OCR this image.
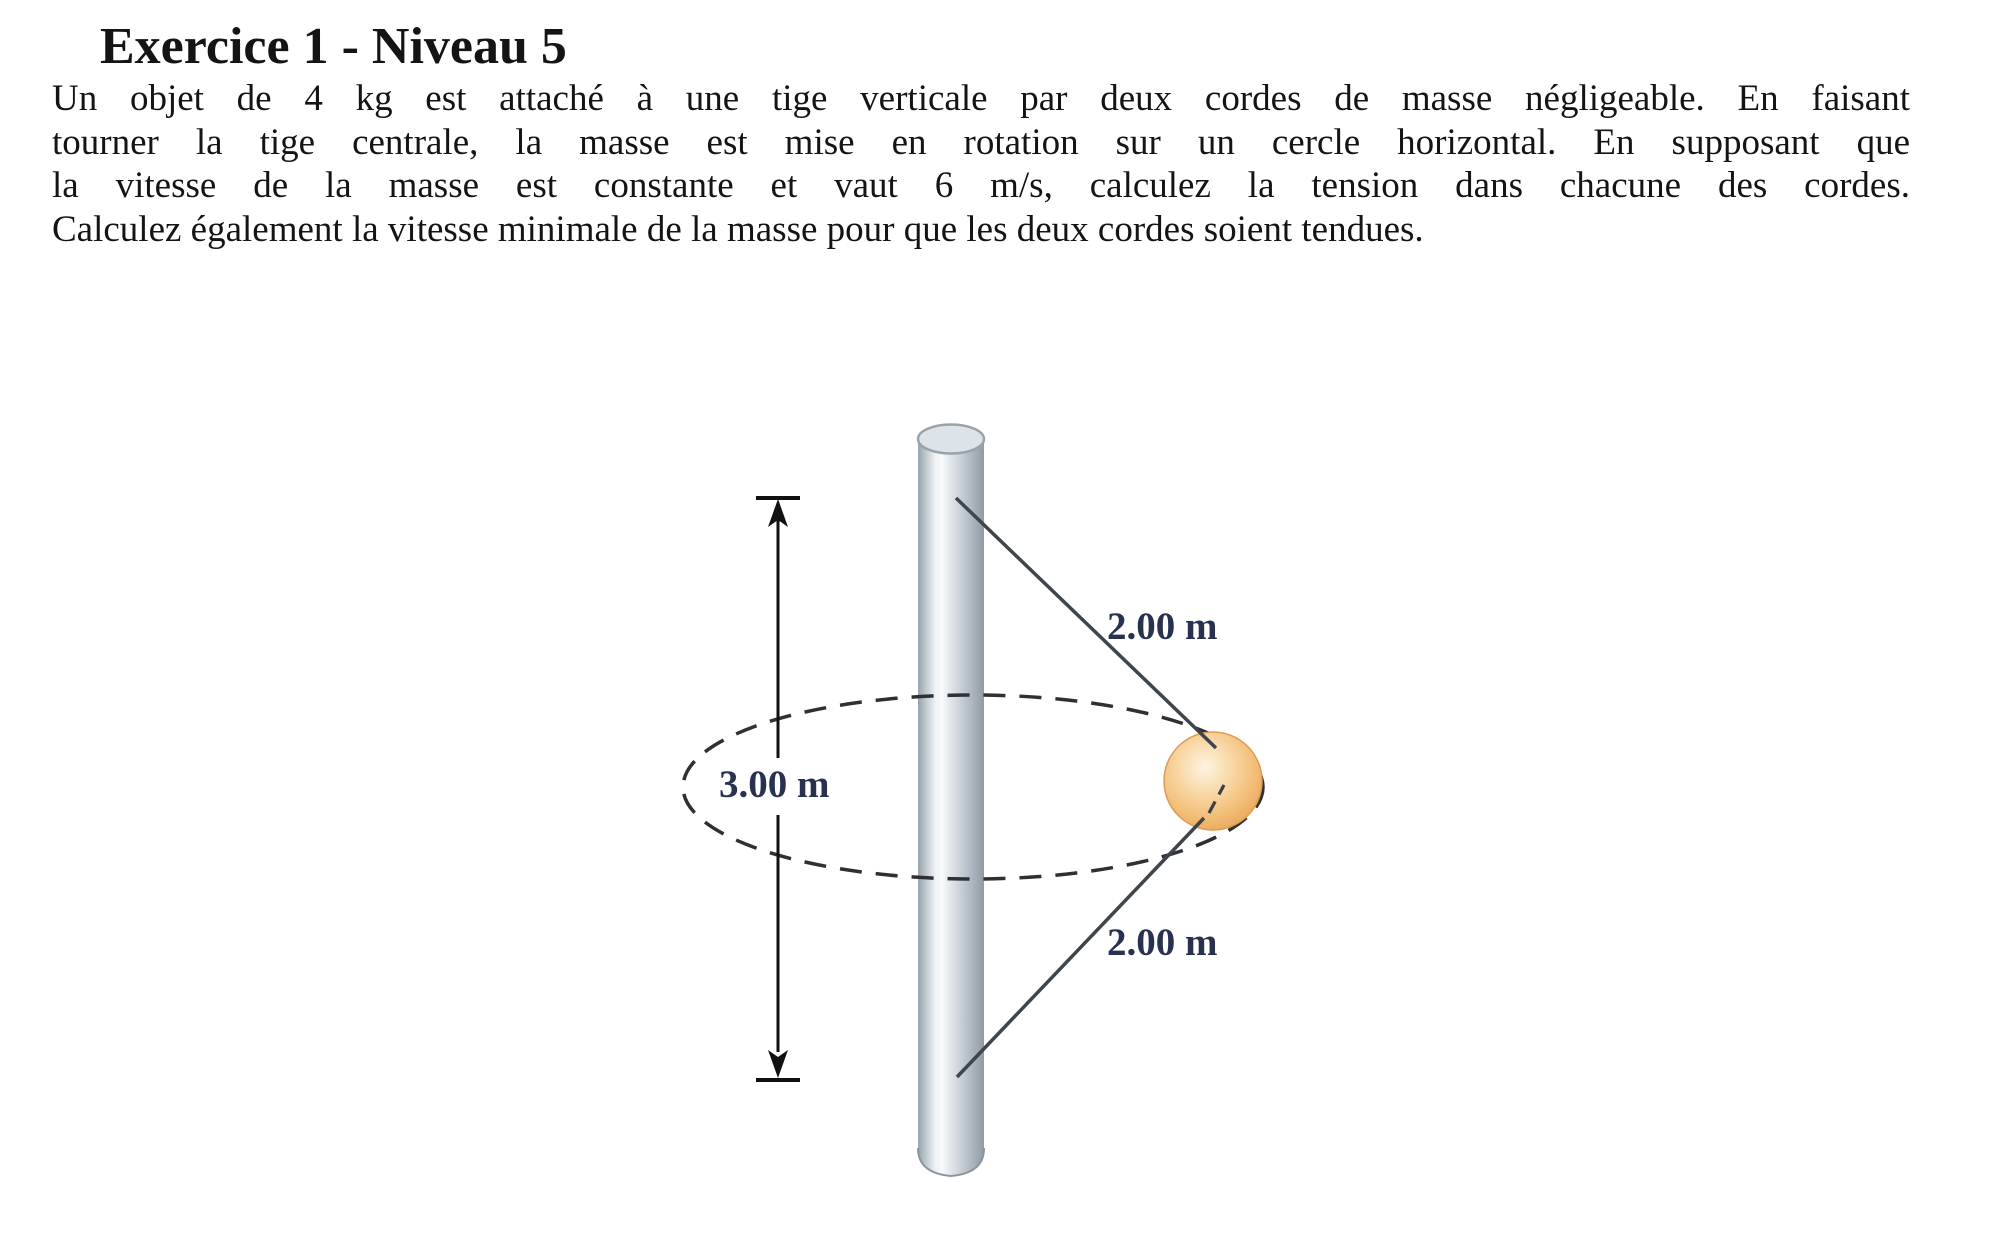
Exercice 1 - Niveau 5
Un objet de 4 kg est attaché à une tige verticale par deux cordes de masse négligeable. En faisant
tourner la tige centrale, la masse est mise en rotation sur un cercle horizontal. En supposant que
la vitesse de la masse est constante et vaut 6 m/s, calculez la tension dans chacune des cordes.
Calculez également la vitesse minimale de la masse pour que les deux cordes soient tendues.
2.00 m
3.00 m
2.00 m
